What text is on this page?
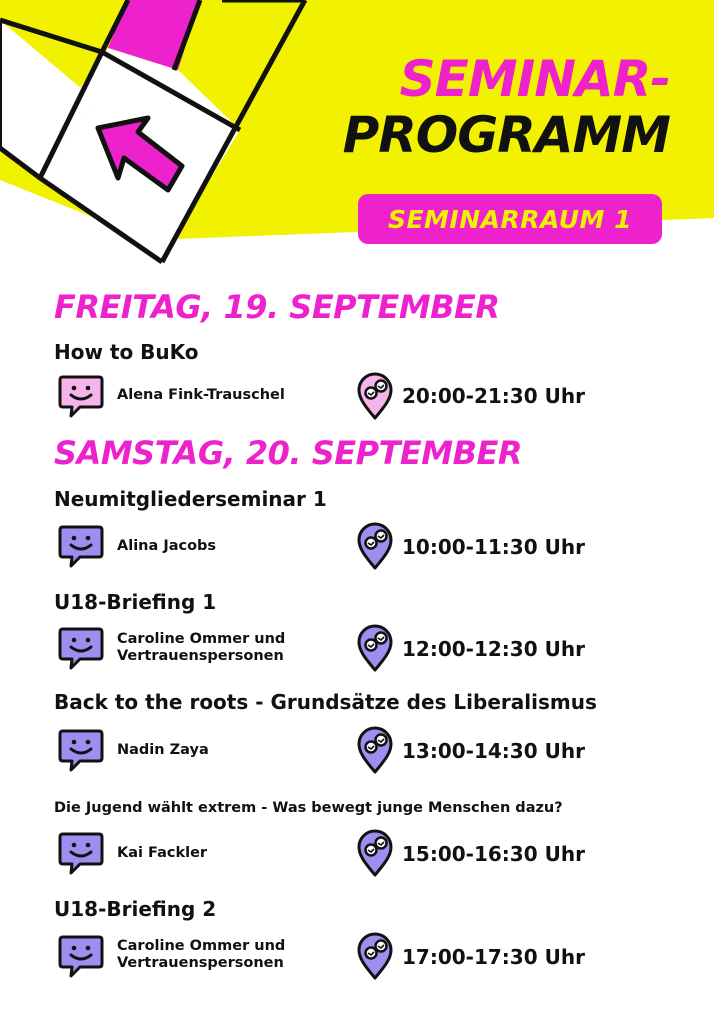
SEMINAR-
PROGRAMM
SEMINARRAUM 1
FREITAG, 19. SEPTEMBER
How to BuKo
Alena Fink-Trauschel	20:00-21:30 Uhr
SAMSTAG, 20. SEPTEMBER
Neumitgliederseminar 1
Alina Jacobs	10:00-11:30 Uhr
U18-Briefing 1
Caroline Ommer und Vertrauenspersonen	12:00-12:30 Uhr
Back to the roots - Grundsätze des Liberalismus
Nadin Zaya	13:00-14:30 Uhr
Die Jugend wählt extrem - Was bewegt junge Menschen dazu?
Kai Fackler	15:00-16:30 Uhr
U18-Briefing 2
Caroline Ommer und Vertrauenspersonen	17:00-17:30 Uhr
